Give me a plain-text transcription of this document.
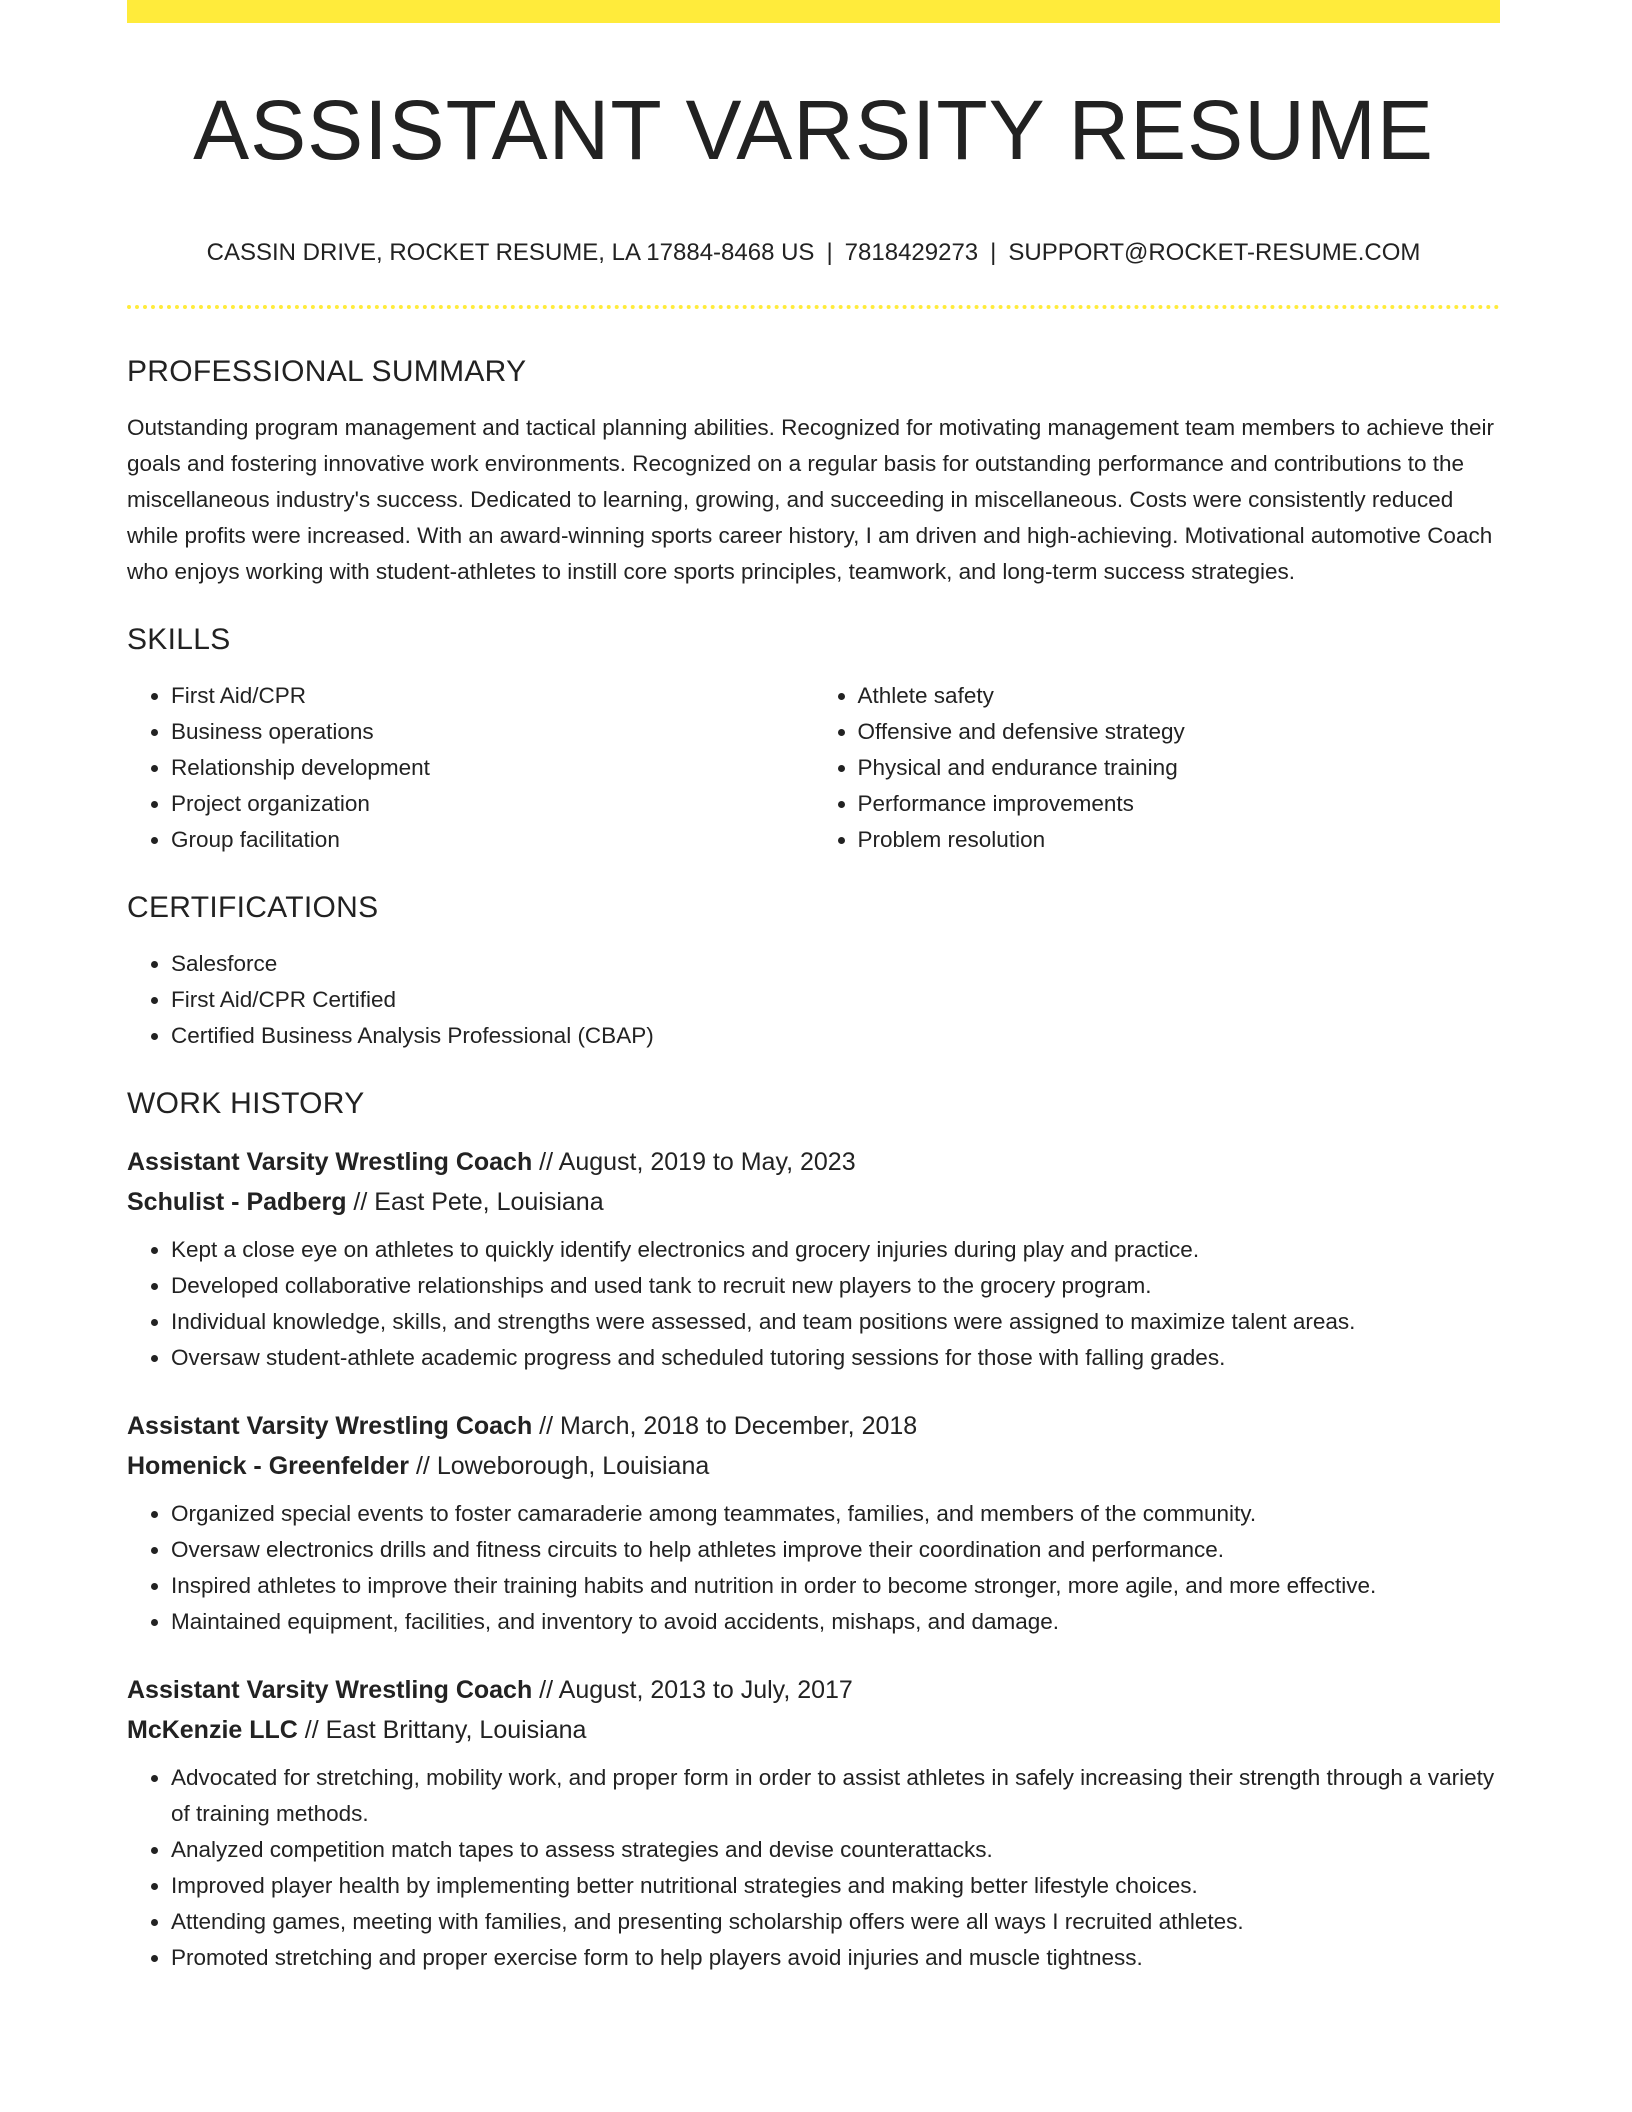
ASSISTANT VARSITY RESUME
CASSIN DRIVE, ROCKET RESUME, LA 17884-8468 US | 7818429273 | SUPPORT@ROCKET-RESUME.COM
PROFESSIONAL SUMMARY

Outstanding program management and tactical planning abilities. Recognized for motivating management team members to achieve their goals and fostering innovative work environments. Recognized on a regular basis for outstanding performance and contributions to the miscellaneous industry's success. Dedicated to learning, growing, and succeeding in miscellaneous. Costs were consistently reduced while profits were increased. With an award-winning sports career history, I am driven and high-achieving. Motivational automotive Coach who enjoys working with student-athletes to instill core sports principles, teamwork, and long-term success strategies.

SKILLS
• First Aid/CPR
• Business operations
• Relationship development
• Project organization
• Group facilitation
• Athlete safety
• Offensive and defensive strategy
• Physical and endurance training
• Performance improvements
• Problem resolution
CERTIFICATIONS
• Salesforce
• First Aid/CPR Certified
• Certified Business Analysis Professional (CBAP)
WORK HISTORY
Assistant Varsity Wrestling Coach // August, 2019 to May, 2023
Schulist - Padberg // East Pete, Louisiana
• Kept a close eye on athletes to quickly identify electronics and grocery injuries during play and practice.
• Developed collaborative relationships and used tank to recruit new players to the grocery program.
• Individual knowledge, skills, and strengths were assessed, and team positions were assigned to maximize talent areas.
• Oversaw student-athlete academic progress and scheduled tutoring sessions for those with falling grades.
Assistant Varsity Wrestling Coach // March, 2018 to December, 2018
Homenick - Greenfelder // Loweborough, Louisiana
• Organized special events to foster camaraderie among teammates, families, and members of the community.
• Oversaw electronics drills and fitness circuits to help athletes improve their coordination and performance.
• Inspired athletes to improve their training habits and nutrition in order to become stronger, more agile, and more effective.
• Maintained equipment, facilities, and inventory to avoid accidents, mishaps, and damage.
Assistant Varsity Wrestling Coach // August, 2013 to July, 2017
McKenzie LLC // East Brittany, Louisiana
• Advocated for stretching, mobility work, and proper form in order to assist athletes in safely increasing their strength through a variety of training methods.
• Analyzed competition match tapes to assess strategies and devise counterattacks.
• Improved player health by implementing better nutritional strategies and making better lifestyle choices.
• Attending games, meeting with families, and presenting scholarship offers were all ways I recruited athletes.
• Promoted stretching and proper exercise form to help players avoid injuries and muscle tightness.
